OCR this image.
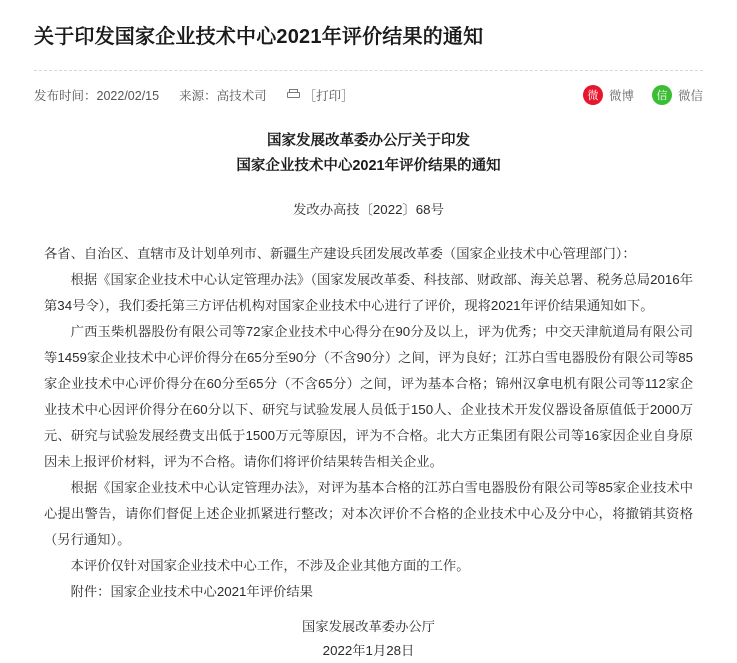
关于印发国家企业技术中心2021年评价结果的通知
发布时间：2022/02/15 来源：高技术司	［打印］	微 微博	信 微信
国家发展改革委办公厅关于印发
国家企业技术中心2021年评价结果的通知
发改办高技〔2022〕68号
各省、自治区、直辖市及计划单列市、新疆生产建设兵团发展改革委（国家企业技术中心管理部门）：

根据《国家企业技术中心认定管理办法》（国家发展改革委、科技部、财政部、海关总署、税务总局2016年第34号令），我们委托第三方评估机构对国家企业技术中心进行了评价，现将2021年评价结果通知如下。

广西玉柴机器股份有限公司等72家企业技术中心得分在90分及以上，评为优秀；中交天津航道局有限公司等1459家企业技术中心评价得分在65分至90分（不含90分）之间，评为良好；江苏白雪电器股份有限公司等85家企业技术中心评价得分在60分至65分（不含65分）之间，评为基本合格；锦州汉拿电机有限公司等112家企业技术中心因评价得分在60分以下、研究与试验发展人员低于150人、企业技术开发仪器设备原值低于2000万元、研究与试验发展经费支出低于1500万元等原因，评为不合格。北大方正集团有限公司等16家因企业自身原因未上报评价材料，评为不合格。请你们将评价结果转告相关企业。

根据《国家企业技术中心认定管理办法》，对评为基本合格的江苏白雪电器股份有限公司等85家企业技术中心提出警告，请你们督促上述企业抓紧进行整改；对本次评价不合格的企业技术中心及分中心，将撤销其资格（另行通知）。

本评价仅针对国家企业技术中心工作，不涉及企业其他方面的工作。

附件：国家企业技术中心2021年评价结果

国家发展改革委办公厅
2022年1月28日
